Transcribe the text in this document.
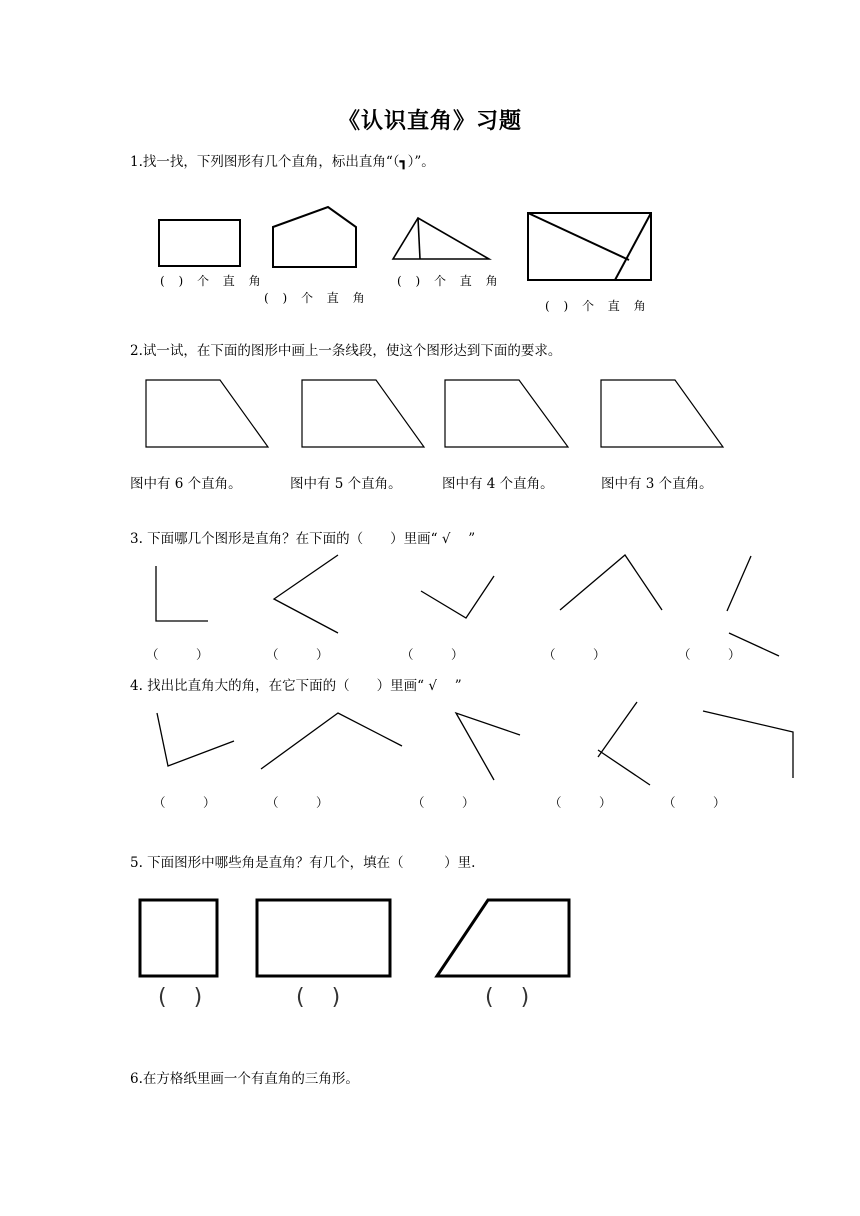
《认识直角》习题
1.找一找，下列图形有几个直角，标出直角“（┓）”。
( ) 个 直 角
( ) 个 直 角
( ) 个 直 角
( ) 个 直 角
2.试一试，在下面的图形中画上一条线段，使这个图形达到下面的要求。
图中有 6 个直角。	图中有 5 个直角。	图中有 4 个直角。	图中有 3 个直角。
3. 下面哪几个图形是直角？在下面的（　　）里画“ √ 　”
（　　　）	（　　　）	（　　　）	（　　　）	（　　　）
4. 找出比直角大的角，在它下面的（　　）里画“ √ 　”
（　　　）	（　　　）	（　　　）	（　　　）	（　　　）
5. 下面图形中哪些角是直角？有几个，填在（　　　）里.
( )	( )	( )
6.在方格纸里画一个有直角的三角形。
